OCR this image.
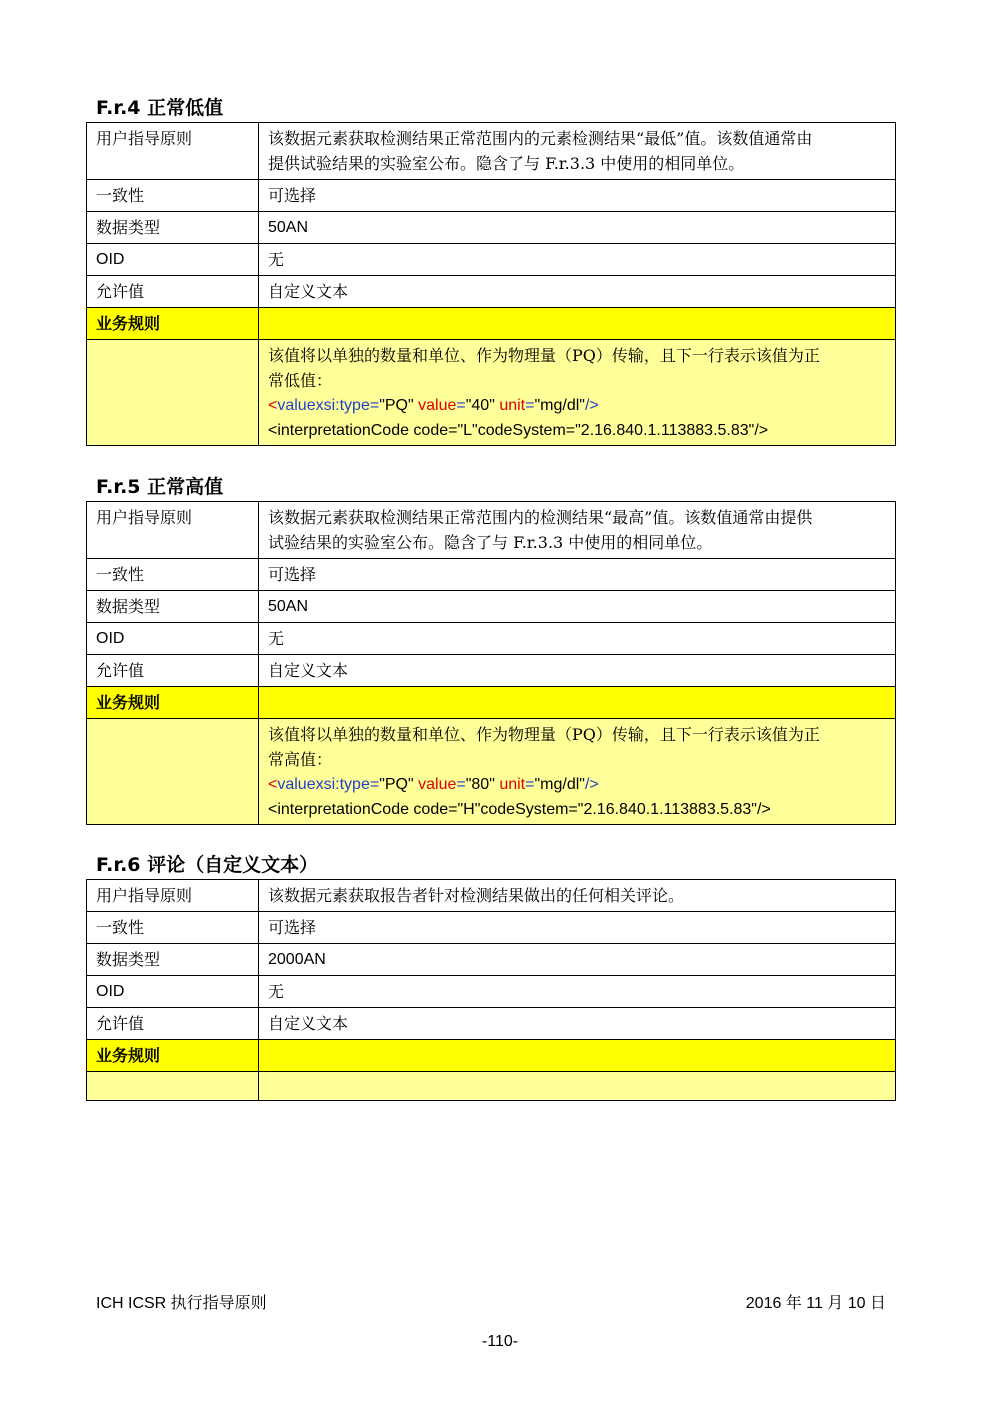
F.r.4 正常低值
用户指导原则	该数据元素获取检测结果正常范围内的元素检测结果“最低”值。该数值通常由
提供试验结果的实验室公布。隐含了与 F.r.3.3 中使用的相同单位。

一致性	可选择
数据类型	50AN
OID	无
允许值	自定义文本
业务规则	

	该值将以单独的数量和单位、作为物理量（PQ）传输，且下一行表示该值为正
常低值：
<valuexsi:type="PQ" value="40" unit="mg/dl"/>
<interpretationCode code="L"codeSystem="2.16.840.1.113883.5.83"/>
F.r.5 正常高值
用户指导原则	该数据元素获取检测结果正常范围内的检测结果“最高”值。该数值通常由提供
试验结果的实验室公布。隐含了与 F.r.3.3 中使用的相同单位。

一致性	可选择
数据类型	50AN
OID	无
允许值	自定义文本
业务规则	

	该值将以单独的数量和单位、作为物理量（PQ）传输，且下一行表示该值为正
常高值：
<valuexsi:type="PQ" value="80" unit="mg/dl"/>
<interpretationCode code="H"codeSystem="2.16.840.1.113883.5.83"/>
F.r.6 评论（自定义文本）
用户指导原则	该数据元素获取报告者针对检测结果做出的任何相关评论。
一致性	可选择
数据类型	2000AN
OID	无
允许值	自定义文本
业务规则	

ICH ICSR 执行指导原则	2016 年 11 月 10 日
-110-
